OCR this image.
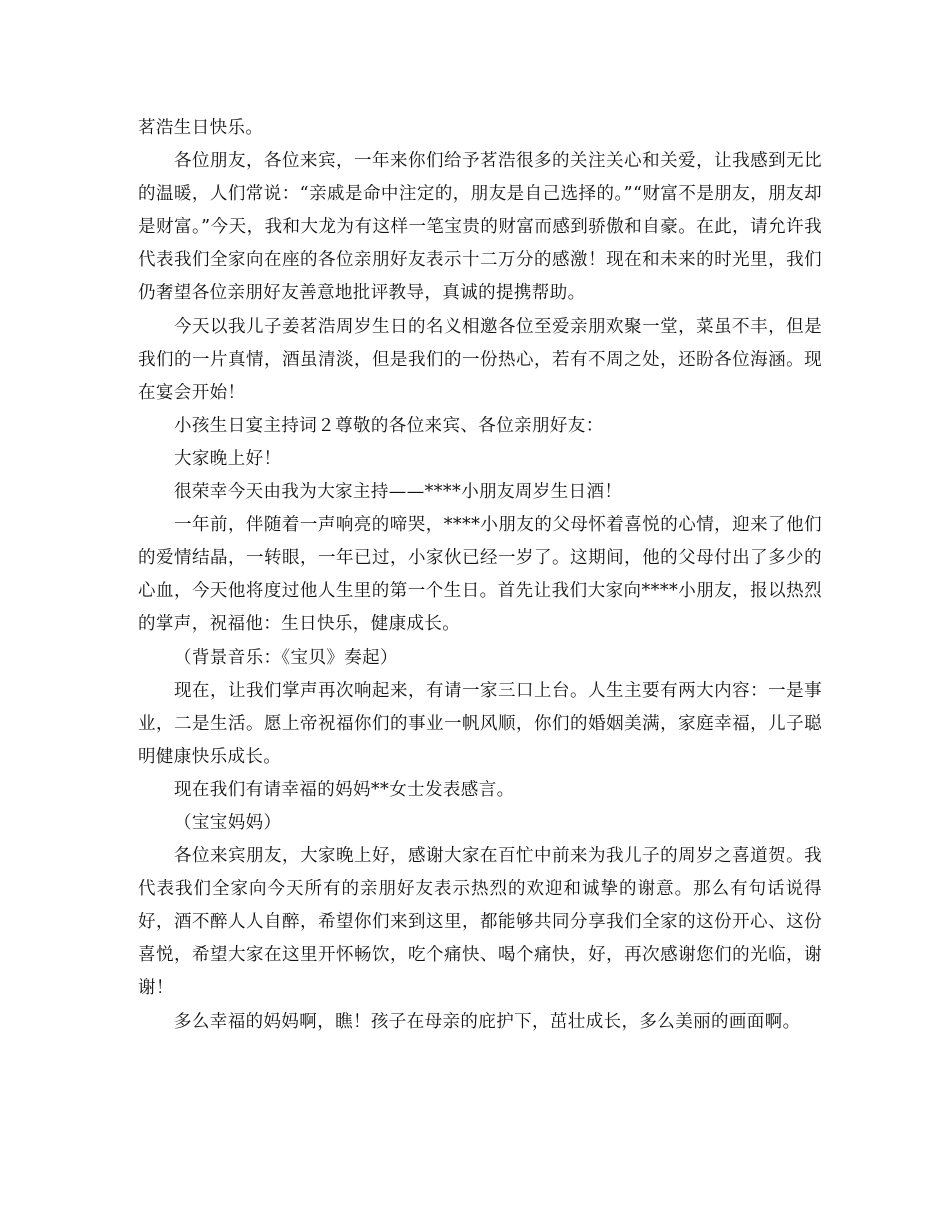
茗浩生日快乐。

各位朋友，各位来宾，一年来你们给予茗浩很多的关注关心和关爱，让我感到无比的温暖，人们常说：“亲戚是命中注定的，朋友是自己选择的。”“财富不是朋友，朋友却是财富。”今天，我和大龙为有这样一笔宝贵的财富而感到骄傲和自豪。在此，请允许我代表我们全家向在座的各位亲朋好友表示十二万分的感激！现在和未来的时光里，我们仍奢望各位亲朋好友善意地批评教导，真诚的提携帮助。

今天以我儿子姜茗浩周岁生日的名义相邀各位至爱亲朋欢聚一堂，菜虽不丰，但是我们的一片真情，酒虽清淡，但是我们的一份热心，若有不周之处，还盼各位海涵。现在宴会开始！

小孩生日宴主持词２尊敬的各位来宾、各位亲朋好友：

大家晚上好！

很荣幸今天由我为大家主持——****小朋友周岁生日酒！

一年前，伴随着一声响亮的啼哭，****小朋友的父母怀着喜悦的心情，迎来了他们的爱情结晶，一转眼，一年已过，小家伙已经一岁了。这期间，他的父母付出了多少的心血，今天他将度过他人生里的第一个生日。首先让我们大家向****小朋友，报以热烈的掌声，祝福他：生日快乐，健康成长。

（背景音乐：《宝贝》奏起）

现在，让我们掌声再次响起来，有请一家三口上台。人生主要有两大内容：一是事业，二是生活。愿上帝祝福你们的事业一帆风顺，你们的婚姻美满，家庭幸福，儿子聪明健康快乐成长。

现在我们有请幸福的妈妈**女士发表感言。

（宝宝妈妈）

各位来宾朋友，大家晚上好，感谢大家在百忙中前来为我儿子的周岁之喜道贺。我代表我们全家向今天所有的亲朋好友表示热烈的欢迎和诚挚的谢意。那么有句话说得好，酒不醉人人自醉，希望你们来到这里，都能够共同分享我们全家的这份开心、这份喜悦，希望大家在这里开怀畅饮，吃个痛快、喝个痛快，好，再次感谢您们的光临，谢谢！

多么幸福的妈妈啊，瞧！孩子在母亲的庇护下，茁壮成长，多么美丽的画面啊。
